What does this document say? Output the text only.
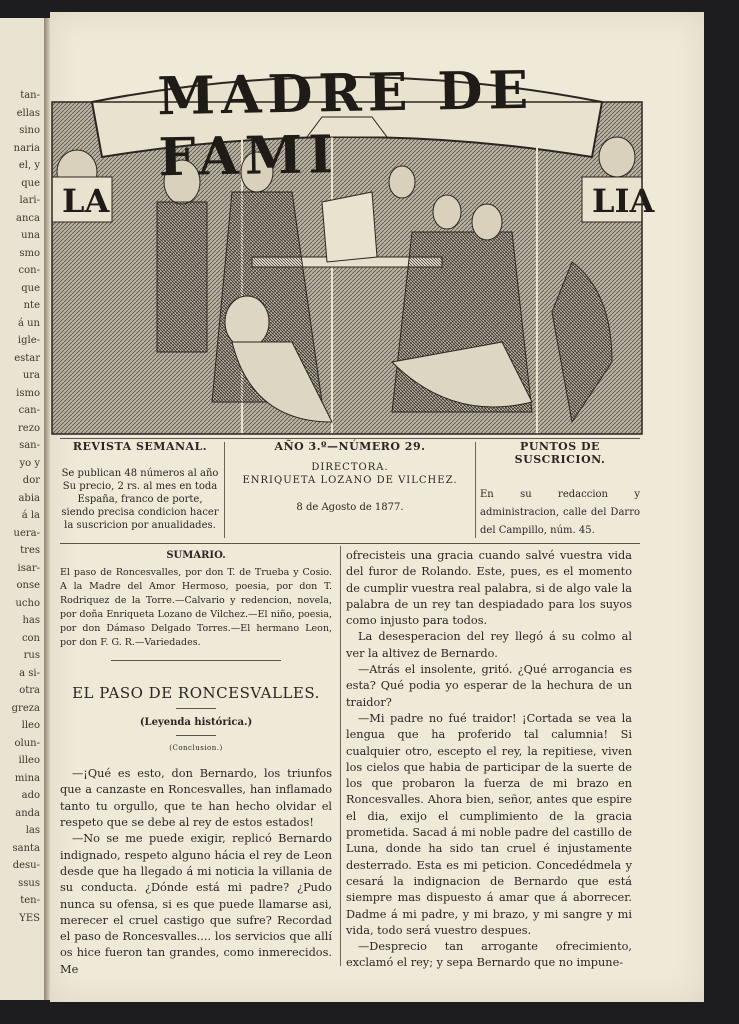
tan-
ellas
sino
naria
el, y
que
lari-
anca
una
smo
con-
que
nte
á un
igle-
estar
ura
ismo
can-
rezo
san-
yo y
dor
abia
á la
uera-
tres
isar-
onse
ucho
has
con
rus
a si-
otra
greza
lleo
olun-
illeo
mina
ado
anda
las
santa
desu-
ssus
ten-
YES
LA	LIA
MADRE DE FAMI
REVISTA SEMANAL.
Se publican 48 números al año Su precio, 2 rs. al mes en toda España, franco de porte, siendo precisa condicion hacer la suscricion por anualidades.
AÑO 3.º—NÚMERO 29.
DIRECTORA.
ENRIQUETA LOZANO DE VILCHEZ.
8 de Agosto de 1877.
PUNTOS DE SUSCRICION.
En su redaccion y administracion, calle del Darro del Campillo, núm. 45.
SUMARIO.

El paso de Roncesvalles, por don T. de Trueba y Cosio. A la Madre del Amor Hermoso, poesia, por don T. Rodriquez de la Torre.—Calvario y redencion, novela, por doña Enriqueta Lozano de Vilchez.—El niño, poesia, por don Dámaso Delgado Torres.—El hermano Leon, por don F. G. R.—Variedades.

EL PASO DE RONCESVALLES.
(Leyenda histórica.)
(Conclusion.)

—¡Qué es esto, don Bernardo, los triunfos que a canzaste en Roncesvalles, han inflamado tanto tu orgullo, que te han hecho olvidar el respeto que se debe al rey de estos estados!

—No se me puede exigir, replicó Bernardo indignado, respeto alguno hácia el rey de Leon desde que ha llegado á mi noticia la villania de su conducta. ¿Dónde está mi padre? ¿Pudo nunca su ofensa, si es que puede llamarse asi, merecer el cruel castigo que sufre? Recordad el paso de Roncesvalles.... los servicios que allí os hice fueron tan grandes, como inmerecidos. Me

ofrecisteis una gracia cuando salvé vuestra vida del furor de Rolando. Este, pues, es el momento de cumplir vuestra real palabra, si de algo vale la palabra de un rey tan despiadado para los suyos como injusto para todos.

La desesperacion del rey llegó á su colmo al ver la altivez de Bernardo.

—Atrás el insolente, gritó. ¿Qué arrogancia es esta? Qué podia yo esperar de la hechura de un traidor?

—Mi padre no fué traidor! ¡Cortada se vea la lengua que ha proferido tal calumnia! Si cualquier otro, escepto el rey, la repitiese, viven los cielos que habia de participar de la suerte de los que probaron la fuerza de mi brazo en Roncesvalles. Ahora bien, señor, antes que espire el dia, exijo el cumplimiento de la gracia prometida. Sacad á mi noble padre del castillo de Luna, donde ha sido tan cruel é injustamente desterrado. Esta es mi peticion. Concedédmela y cesará la indignacion de Bernardo que está siempre mas dispuesto á amar que á aborrecer. Dadme á mi padre, y mi brazo, y mi sangre y mi vida, todo será vuestro despues.

—Desprecio tan arrogante ofrecimiento, exclamó el rey; y sepa Bernardo que no impune-
